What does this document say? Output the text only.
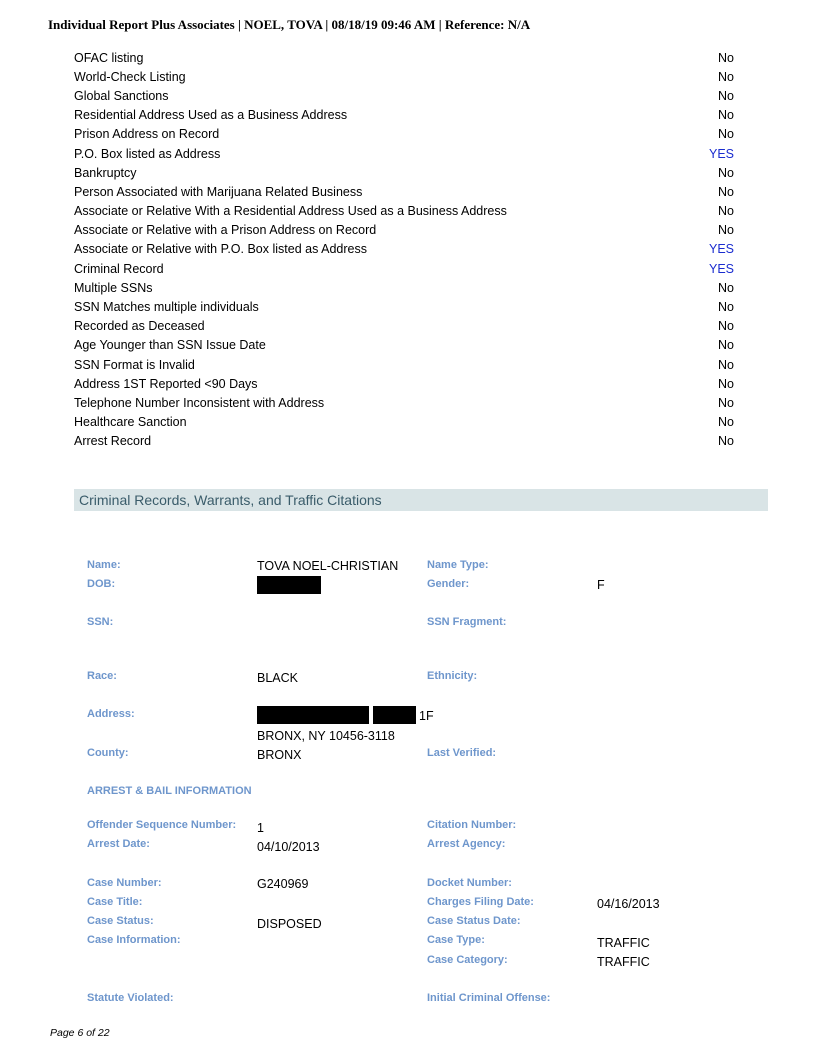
Individual Report Plus Associates | NOEL, TOVA | 08/18/19 09:46 AM | Reference: N/A
OFAC listing	No
World-Check Listing	No
Global Sanctions	No
Residential Address Used as a Business Address	No
Prison Address on Record	No
P.O. Box listed as Address	YES
Bankruptcy	No
Person Associated with Marijuana Related Business	No
Associate or Relative With a Residential Address Used as a Business Address	No
Associate or Relative with a Prison Address on Record	No
Associate or Relative with P.O. Box listed as Address	YES
Criminal Record	YES
Multiple SSNs	No
SSN Matches multiple individuals	No
Recorded as Deceased	No
Age Younger than SSN Issue Date	No
SSN Format is Invalid	No
Address 1ST Reported <90 Days	No
Telephone Number Inconsistent with Address	No
Healthcare Sanction	No
Arrest Record	No
Criminal Records, Warrants, and Traffic Citations
Name:	TOVA NOEL-CHRISTIAN	Name Type:
DOB:	Gender:	F
SSN:	SSN Fragment:
Race:	BLACK	Ethnicity:
Address:	1F
BRONX, NY 10456-3118
County:	BRONX	Last Verified:
ARREST & BAIL INFORMATION
Offender Sequence Number: 1	Citation Number:
Arrest Date:	04/10/2013	Arrest Agency:
Case Number:	G240969	Docket Number:
Case Title:	Charges Filing Date:	04/16/2013
Case Status:	DISPOSED	Case Status Date:
Case Information:	Case Type:	TRAFFIC
Case Category:	TRAFFIC
Statute Violated:	Initial Criminal Offense:
Page 6 of 22
